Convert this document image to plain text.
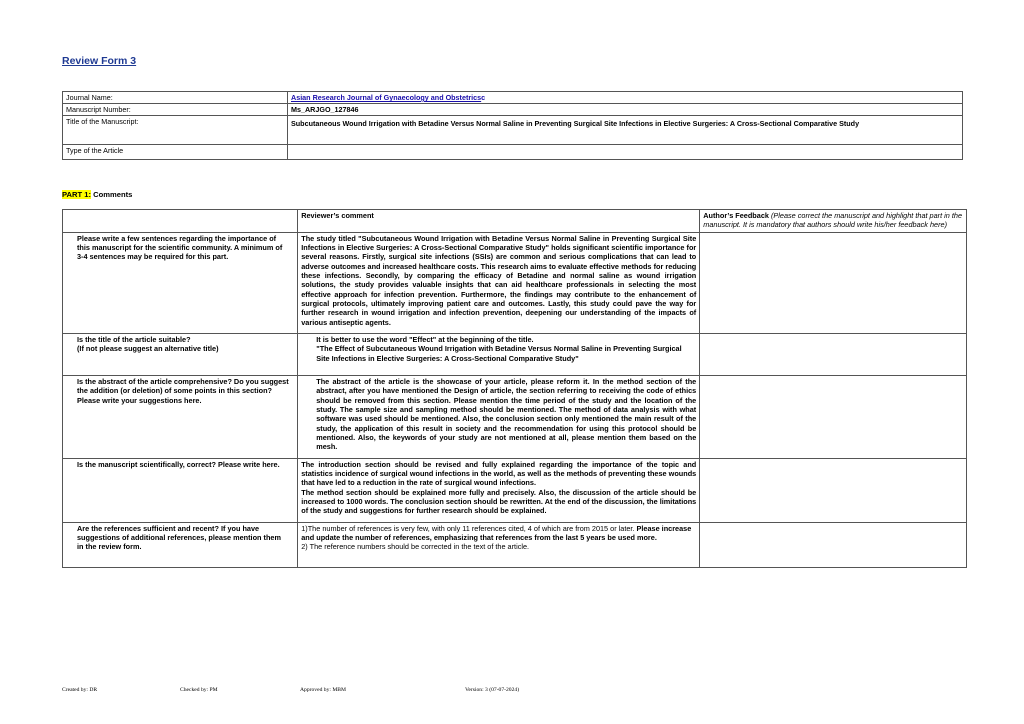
Review Form 3
Journal Name:	Asian Research Journal of Gynaecology and Obstetricsc
Manuscript Number:	Ms_ARJGO_127846
Title of the Manuscript:	Subcutaneous Wound Irrigation with Betadine Versus Normal Saline in Preventing Surgical Site Infections in Elective Surgeries: A Cross-Sectional Comparative Study
Type of the Article	
PART 1: Comments
	Reviewer’s comment	Author’s Feedback (Please correct the manuscript and highlight that part in the manuscript. It is mandatory that authors should write his/her feedback here)
Please write a few sentences regarding the importance of this manuscript for the scientific community. A minimum of 3-4 sentences may be required for this part.	The study titled "Subcutaneous Wound Irrigation with Betadine Versus Normal Saline in Preventing Surgical Site Infections in Elective Surgeries: A Cross-Sectional Comparative Study" holds significant scientific importance for several reasons. Firstly, surgical site infections (SSIs) are common and serious complications that can lead to adverse outcomes and increased healthcare costs. This research aims to evaluate effective methods for reducing these infections. Secondly, by comparing the efficacy of Betadine and normal saline as wound irrigation solutions, the study provides valuable insights that can aid healthcare professionals in selecting the most effective approach for infection prevention. Furthermore, the findings may contribute to the enhancement of surgical protocols, ultimately improving patient care and outcomes. Lastly, this study could pave the way for further research in wound irrigation and infection prevention, deepening our understanding of the impacts of various antiseptic agents.	
Is the title of the article suitable?
(If not please suggest an alternative title)	It is better to use the word "Effect" at the beginning of the title.
"The Effect of Subcutaneous Wound Irrigation with Betadine Versus Normal Saline in Preventing Surgical Site Infections in Elective Surgeries: A Cross-Sectional Comparative Study"	
Is the abstract of the article comprehensive? Do you suggest the addition (or deletion) of some points in this section? Please write your suggestions here.	The abstract of the article is the showcase of your article, please reform it. In the method section of the abstract, after you have mentioned the Design of article, the section referring to receiving the code of ethics should be removed from this section. Please mention the time period of the study and the location of the study. The sample size and sampling method should be mentioned. The method of data analysis with what software was used should be mentioned. Also, the conclusion section only mentioned the main result of the study, the application of this result in society and the recommendation for using this protocol should be mentioned. Also, the keywords of your study are not mentioned at all, please mention them based on the mesh.	
Is the manuscript scientifically, correct? Please write here.	The introduction section should be revised and fully explained regarding the importance of the topic and statistics incidence of surgical wound infections in the world, as well as the methods of preventing these wounds that have led to a reduction in the rate of surgical wound infections.
The method section should be explained more fully and precisely. Also, the discussion of the article should be increased to 1000 words. The conclusion section should be rewritten. At the end of the discussion, the limitations of the study and suggestions for further research should be explained.	
Are the references sufficient and recent? If you have suggestions of additional references, please mention them in the review form.	1)The number of references is very few, with only 11 references cited, 4 of which are from 2015 or later. Please increase and update the number of references, emphasizing that references from the last 5 years be used more.
2) The reference numbers should be corrected in the text of the article.	
Created by: DR	Checked by: PM	Approved by: MBM	Version: 3 (07-07-2024)
